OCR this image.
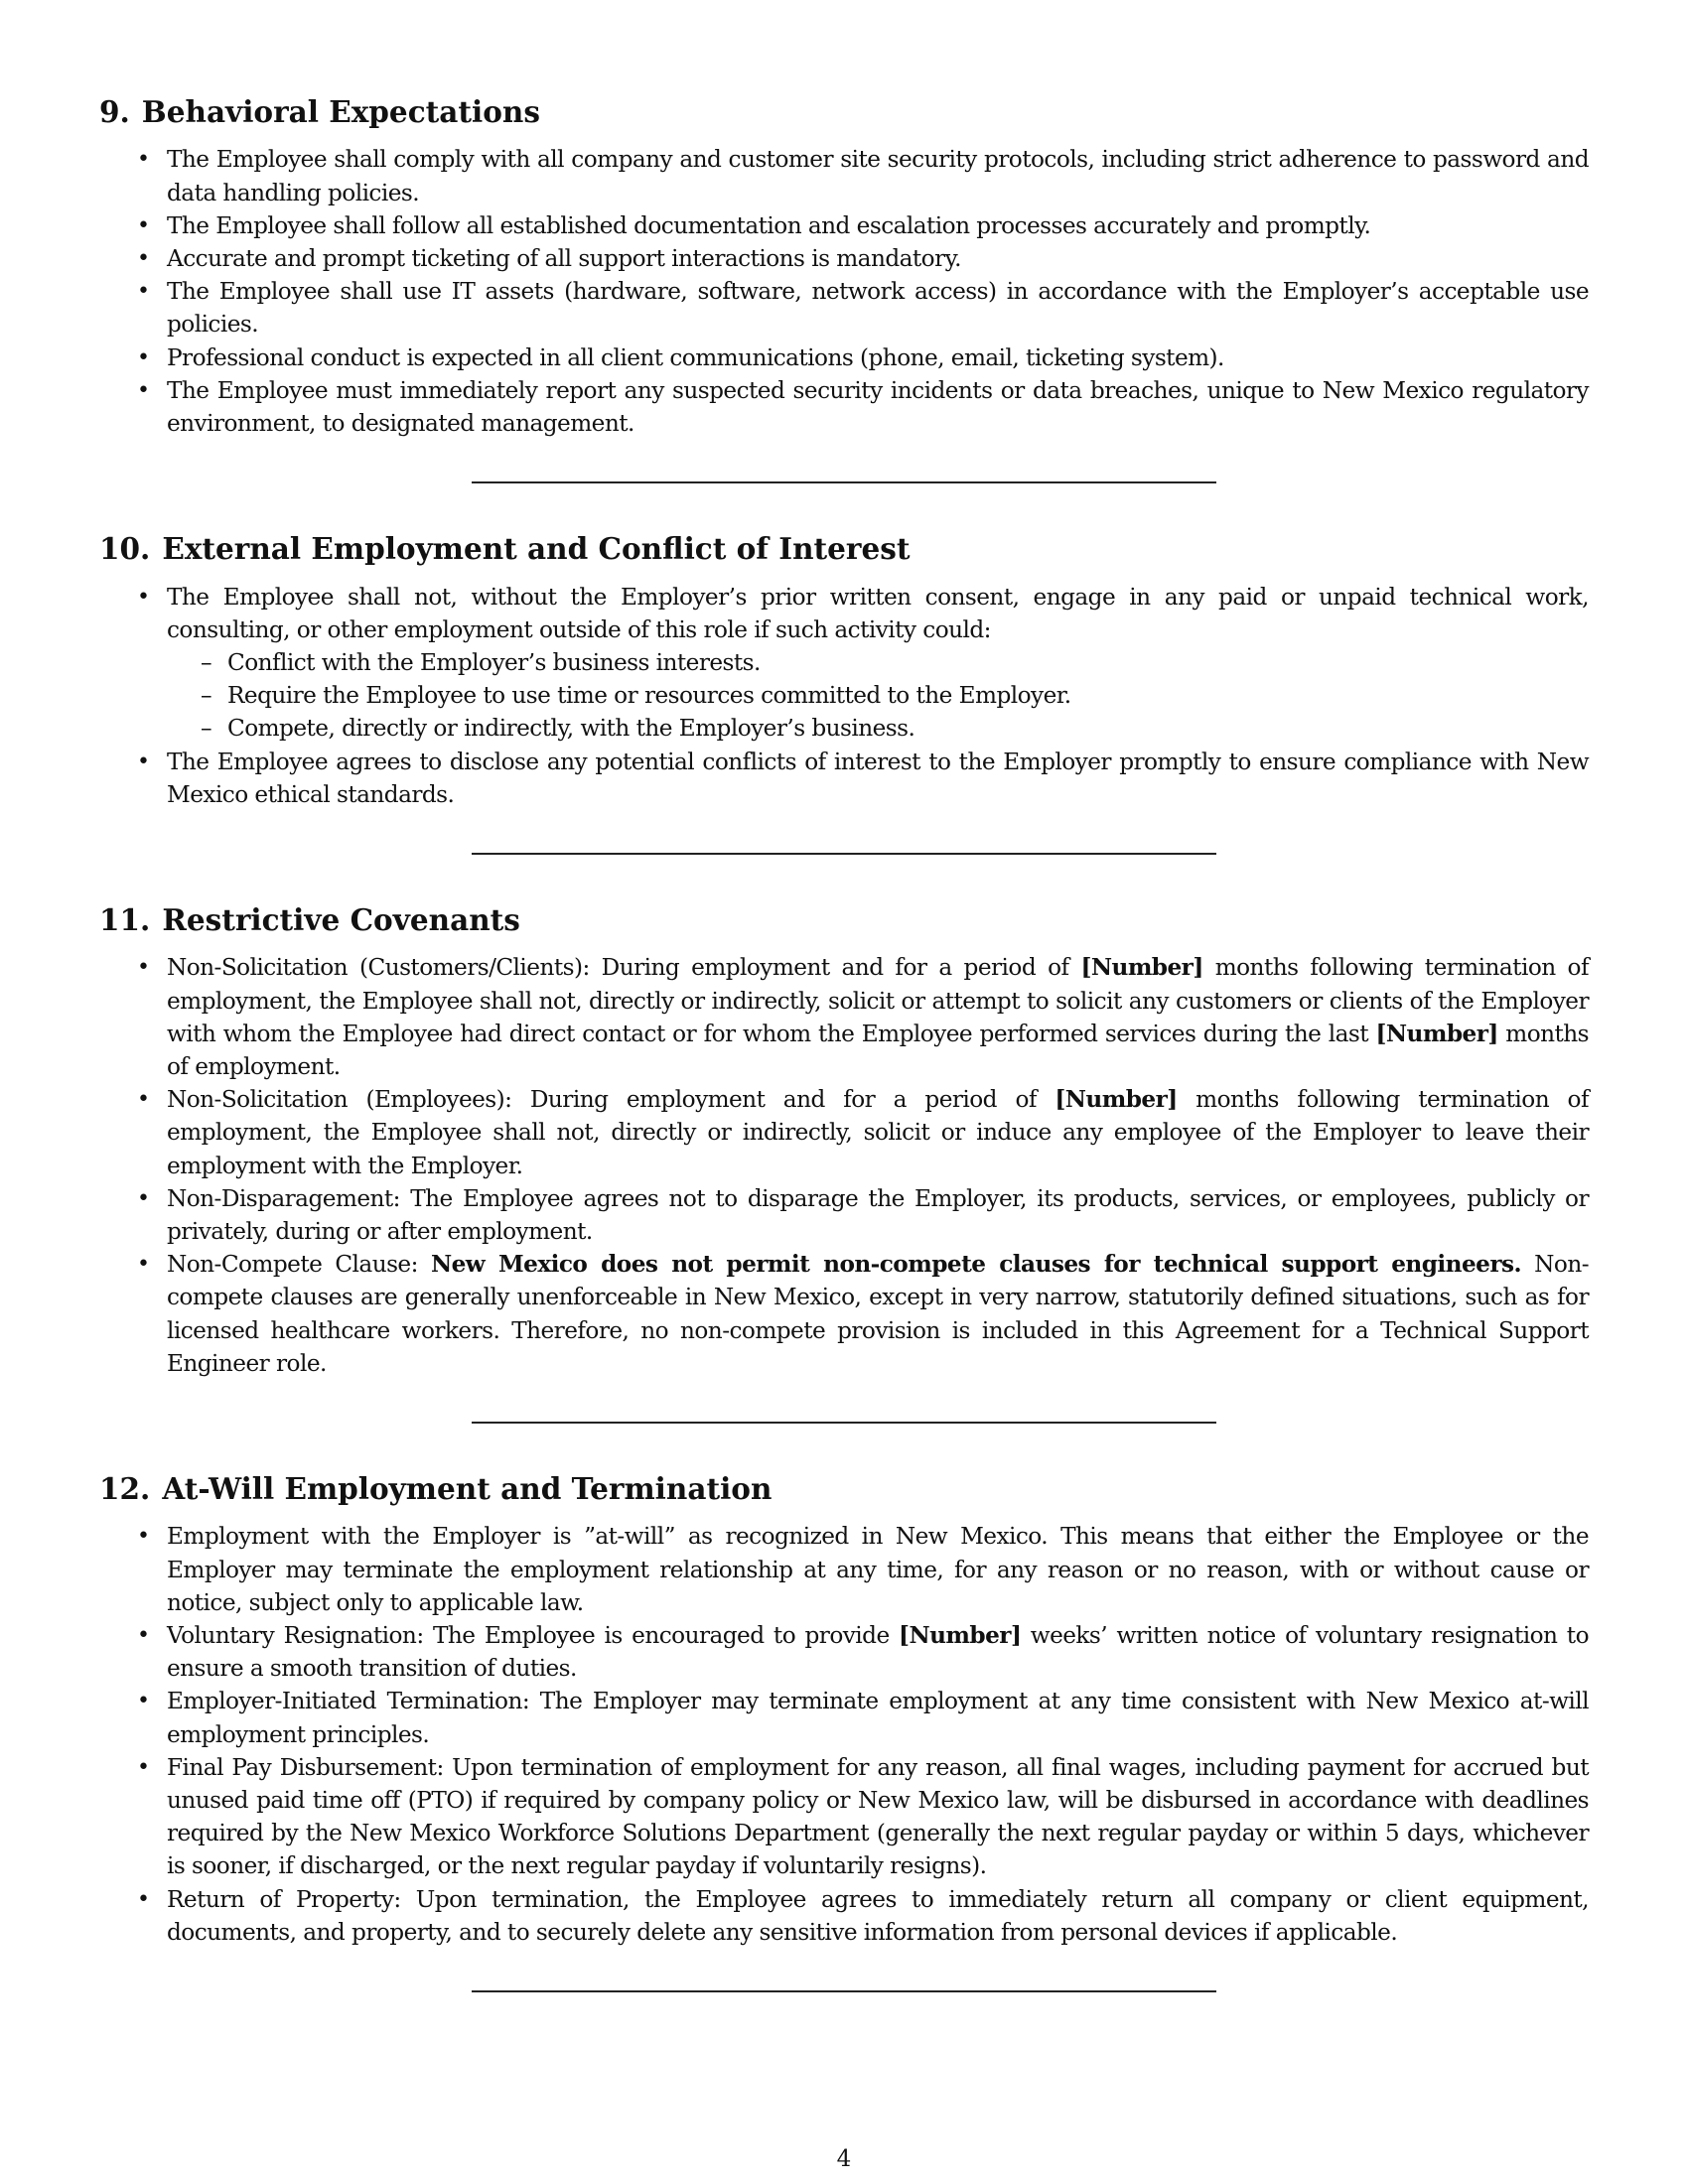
9. Behavioral Expectations
• The Employee shall comply with all company and customer site security protocols, including strict adherence to password and data handling policies.
• The Employee shall follow all established documentation and escalation processes accurately and promptly.
• Accurate and prompt ticketing of all support interactions is mandatory.
• The Employee shall use IT assets (hardware, software, network access) in accordance with the Employer’s acceptable use policies.
• Professional conduct is expected in all client communications (phone, email, ticketing system).
• The Employee must immediately report any suspected security incidents or data breaches, unique to New Mexico regulatory environment, to designated management.
10. External Employment and Conflict of Interest
• The Employee shall not, without the Employer’s prior written consent, engage in any paid or unpaid technical work, consulting, or other employment outside of this role if such activity could:
– Conflict with the Employer’s business interests.
– Require the Employee to use time or resources committed to the Employer.
– Compete, directly or indirectly, with the Employer’s business.
• The Employee agrees to disclose any potential conflicts of interest to the Employer promptly to ensure compliance with New Mexico ethical standards.
11. Restrictive Covenants
• Non-Solicitation (Customers/Clients): During employment and for a period of [Number] months following termination of employment, the Employee shall not, directly or indirectly, solicit or attempt to solicit any customers or clients of the Employer with whom the Employee had direct contact or for whom the Employee performed services during the last [Number] months of employment.
• Non-Solicitation (Employees): During employment and for a period of [Number] months following termination of employment, the Employee shall not, directly or indirectly, solicit or induce any employee of the Employer to leave their employment with the Employer.
• Non-Disparagement: The Employee agrees not to disparage the Employer, its products, services, or employees, publicly or privately, during or after employment.
• Non-Compete Clause: New Mexico does not permit non-compete clauses for technical support engineers. Non-compete clauses are generally unenforceable in New Mexico, except in very narrow, statutorily defined situations, such as for licensed healthcare workers. Therefore, no non-compete provision is included in this Agreement for a Technical Support Engineer role.
12. At-Will Employment and Termination
• Employment with the Employer is ”at-will” as recognized in New Mexico. This means that either the Employee or the Employer may terminate the employment relationship at any time, for any reason or no reason, with or without cause or notice, subject only to applicable law.
• Voluntary Resignation: The Employee is encouraged to provide [Number] weeks’ written notice of voluntary resignation to ensure a smooth transition of duties.
• Employer-Initiated Termination: The Employer may terminate employment at any time consistent with New Mexico at-will employment principles.
• Final Pay Disbursement: Upon termination of employment for any reason, all final wages, including payment for accrued but unused paid time off (PTO) if required by company policy or New Mexico law, will be disbursed in accordance with deadlines required by the New Mexico Workforce Solutions Department (generally the next regular payday or within 5 days, whichever is sooner, if discharged, or the next regular payday if voluntarily resigns).
• Return of Property: Upon termination, the Employee agrees to immediately return all company or client equipment, documents, and property, and to securely delete any sensitive information from personal devices if applicable.
4
